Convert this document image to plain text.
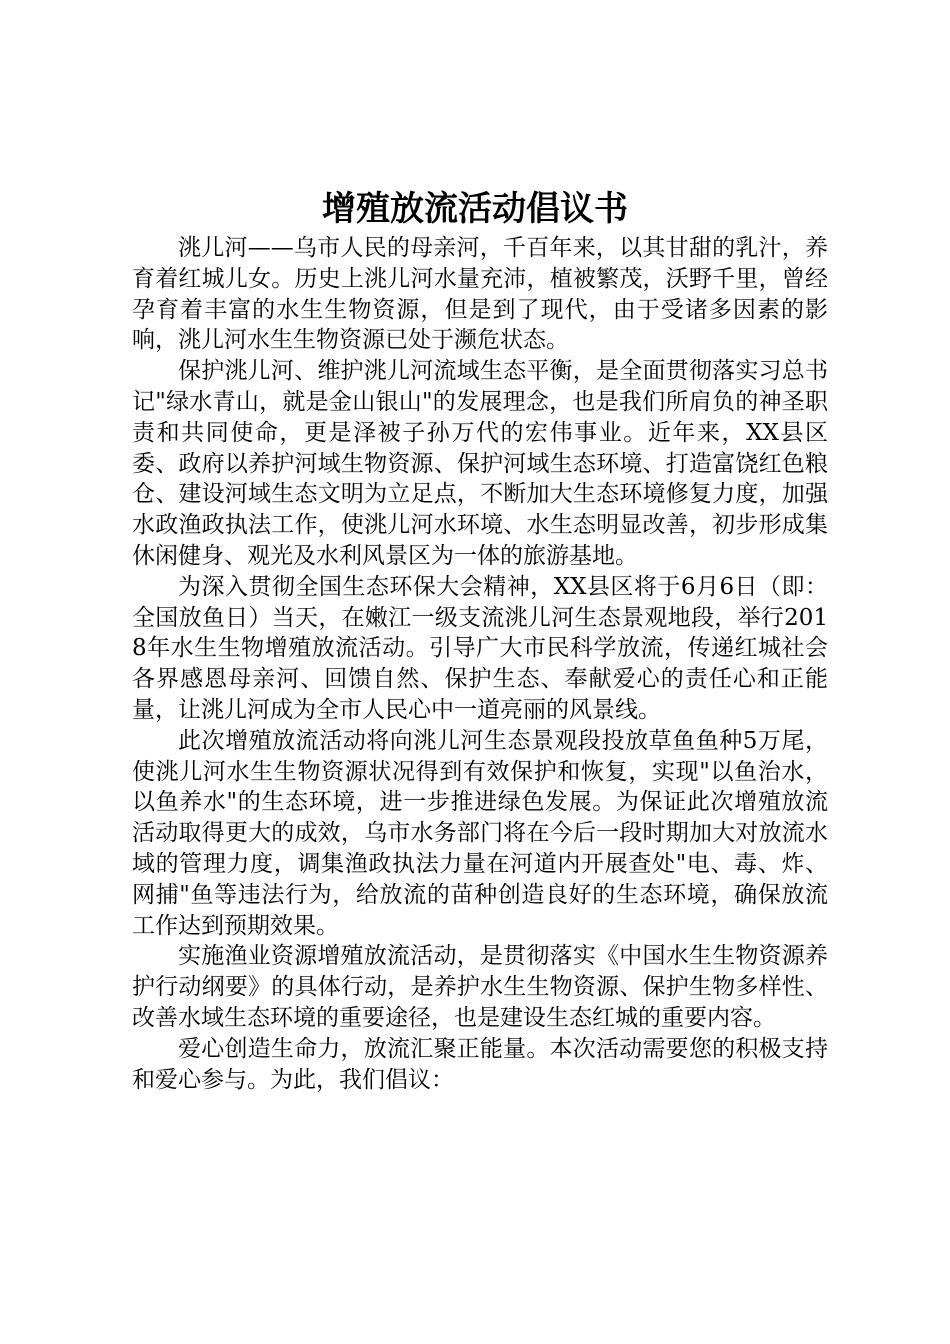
增殖放流活动倡议书

洮儿河——乌市人民的母亲河，千百年来，以其甘甜的乳汁，养育着红城儿女。历史上洮儿河水量充沛，植被繁茂，沃野千里，曾经孕育着丰富的水生生物资源，但是到了现代，由于受诸多因素的影响，洮儿河水生生物资源已处于濒危状态。

保护洮儿河、维护洮儿河流域生态平衡，是全面贯彻落实习总书记"绿水青山，就是金山银山"的发展理念，也是我们所肩负的神圣职责和共同使命，更是泽被子孙万代的宏伟事业。近年来，XX县区委、政府以养护河域生物资源、保护河域生态环境、打造富饶红色粮仓、建设河域生态文明为立足点，不断加大生态环境修复力度，加强水政渔政执法工作，使洮儿河水环境、水生态明显改善，初步形成集休闲健身、观光及水利风景区为一体的旅游基地。

为深入贯彻全国生态环保大会精神，XX县区将于6月6日（即：全国放鱼日）当天，在嫩江一级支流洮儿河生态景观地段，举行2018年水生生物增殖放流活动。引导广大市民科学放流，传递红城社会各界感恩母亲河、回馈自然、保护生态、奉献爱心的责任心和正能量，让洮儿河成为全市人民心中一道亮丽的风景线。

此次增殖放流活动将向洮儿河生态景观段投放草鱼鱼种5万尾，使洮儿河水生生物资源状况得到有效保护和恢复，实现"以鱼治水，以鱼养水"的生态环境，进一步推进绿色发展。为保证此次增殖放流活动取得更大的成效，乌市水务部门将在今后一段时期加大对放流水域的管理力度，调集渔政执法力量在河道内开展查处"电、毒、炸、网捕"鱼等违法行为，给放流的苗种创造良好的生态环境，确保放流工作达到预期效果。

实施渔业资源增殖放流活动，是贯彻落实《中国水生生物资源养护行动纲要》的具体行动，是养护水生生物资源、保护生物多样性、改善水域生态环境的重要途径，也是建设生态红城的重要内容。

爱心创造生命力，放流汇聚正能量。本次活动需要您的积极支持和爱心参与。为此，我们倡议：
